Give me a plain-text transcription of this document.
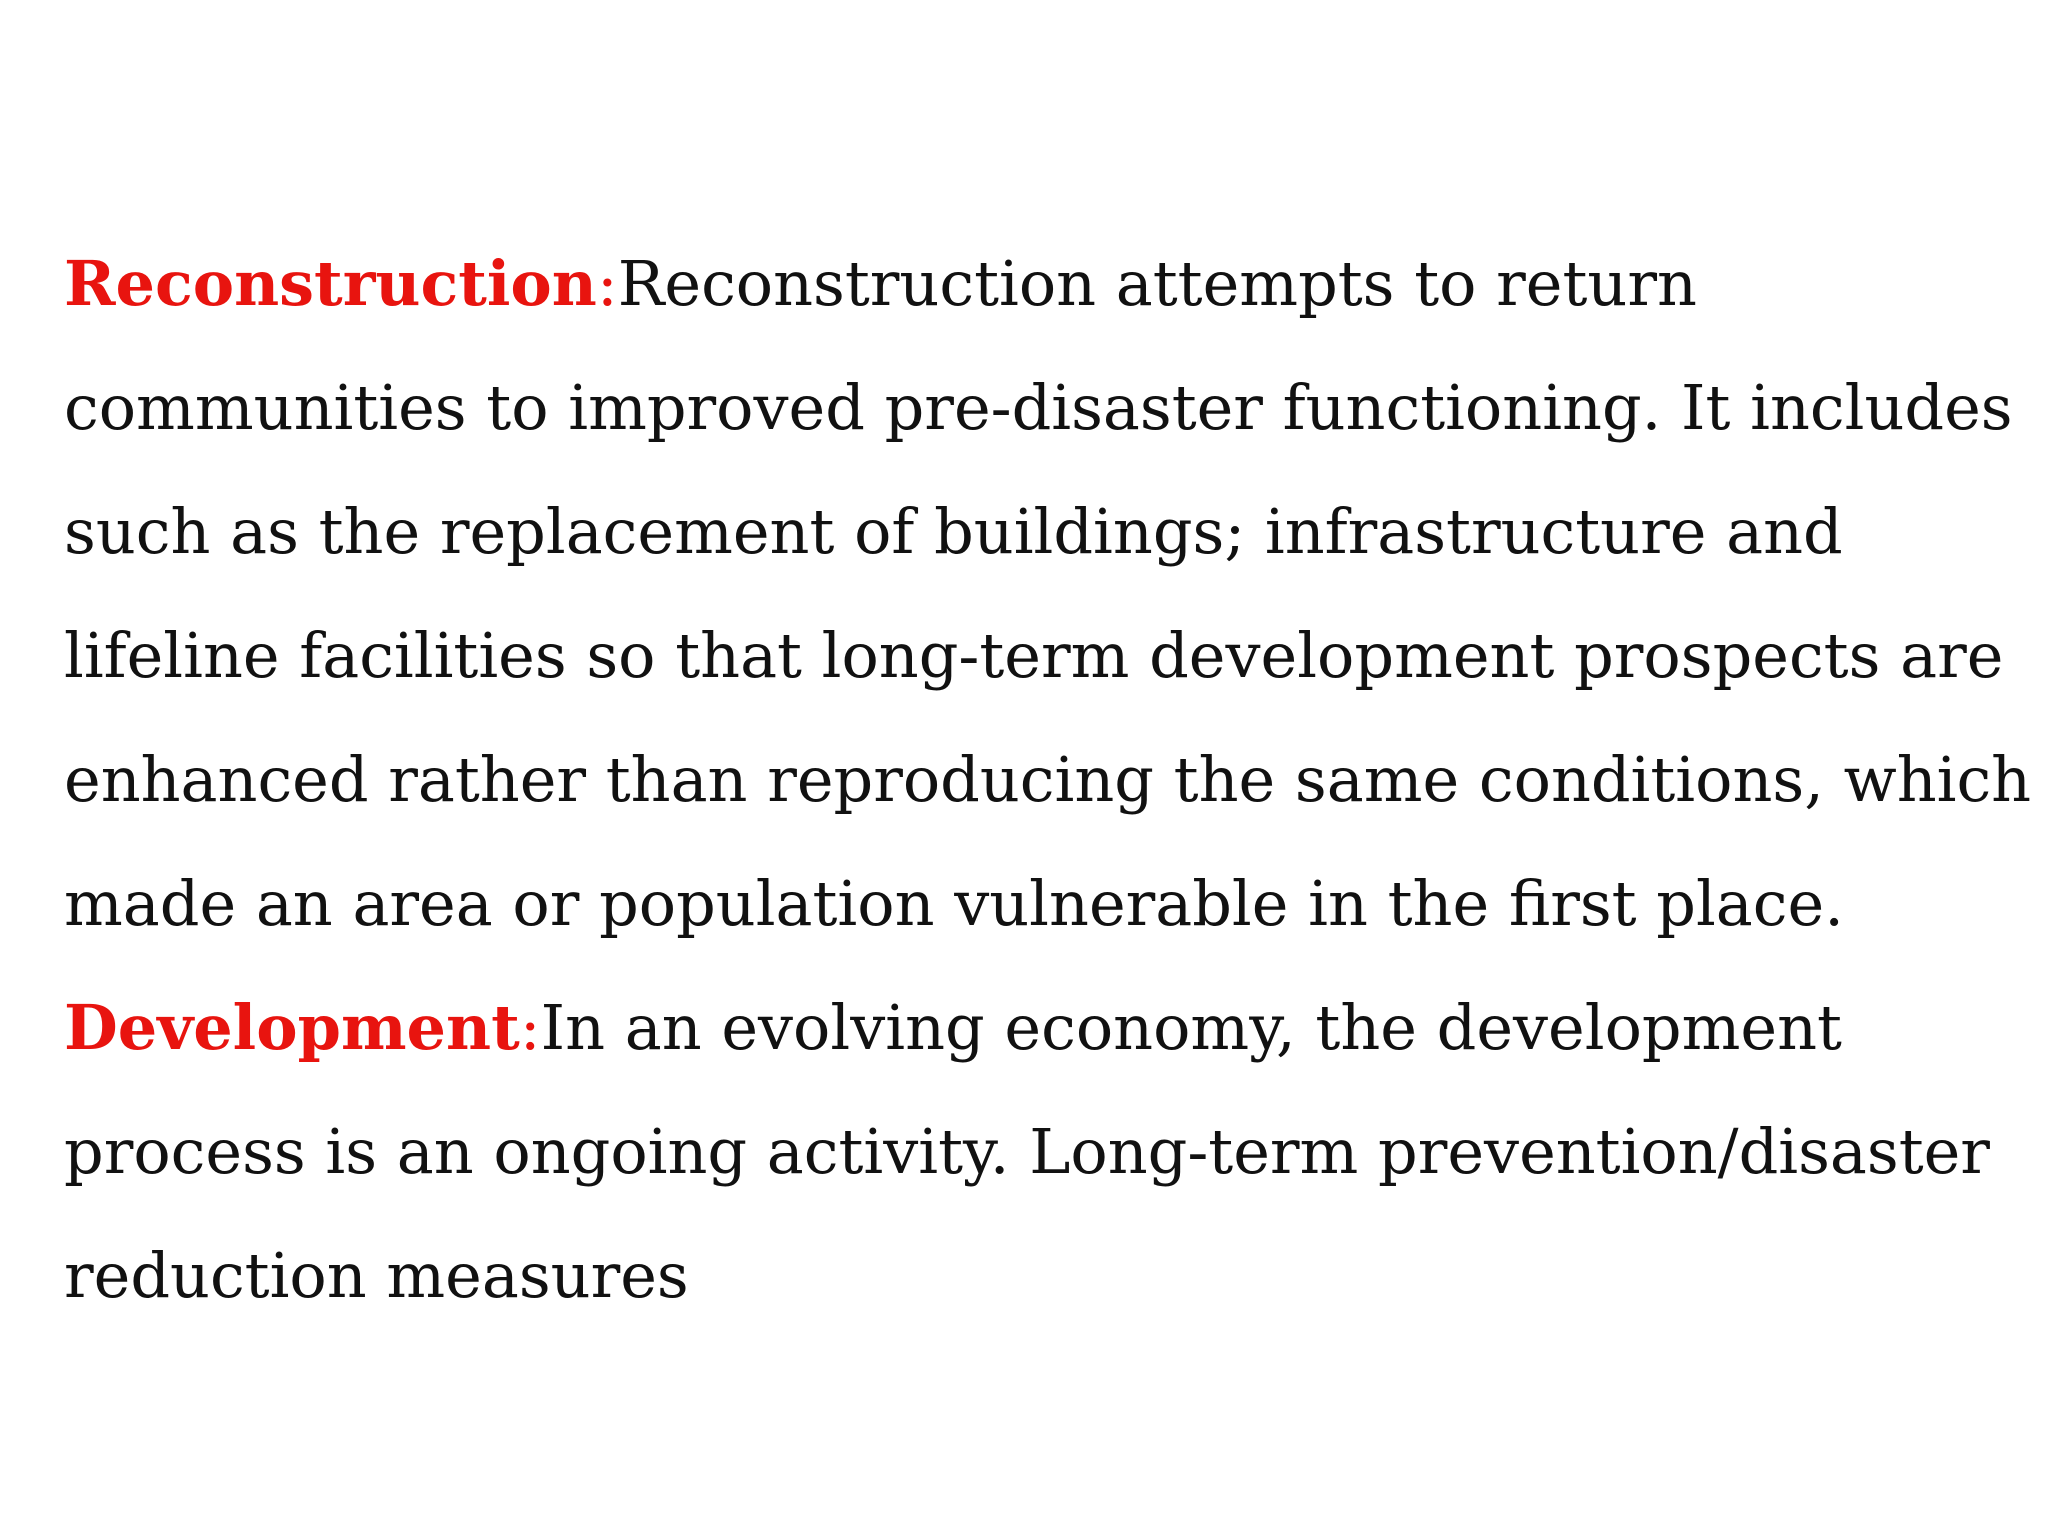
Reconstruction:Reconstruction attempts to return

communities to improved pre-disaster functioning. It includes

such as the replacement of buildings; infrastructure and

lifeline facilities so that long-term development prospects are

enhanced rather than reproducing the same conditions, which

made an area or population vulnerable in the first place.

Development:In an evolving economy, the development

process is an ongoing activity. Long-term prevention/disaster

reduction measures
